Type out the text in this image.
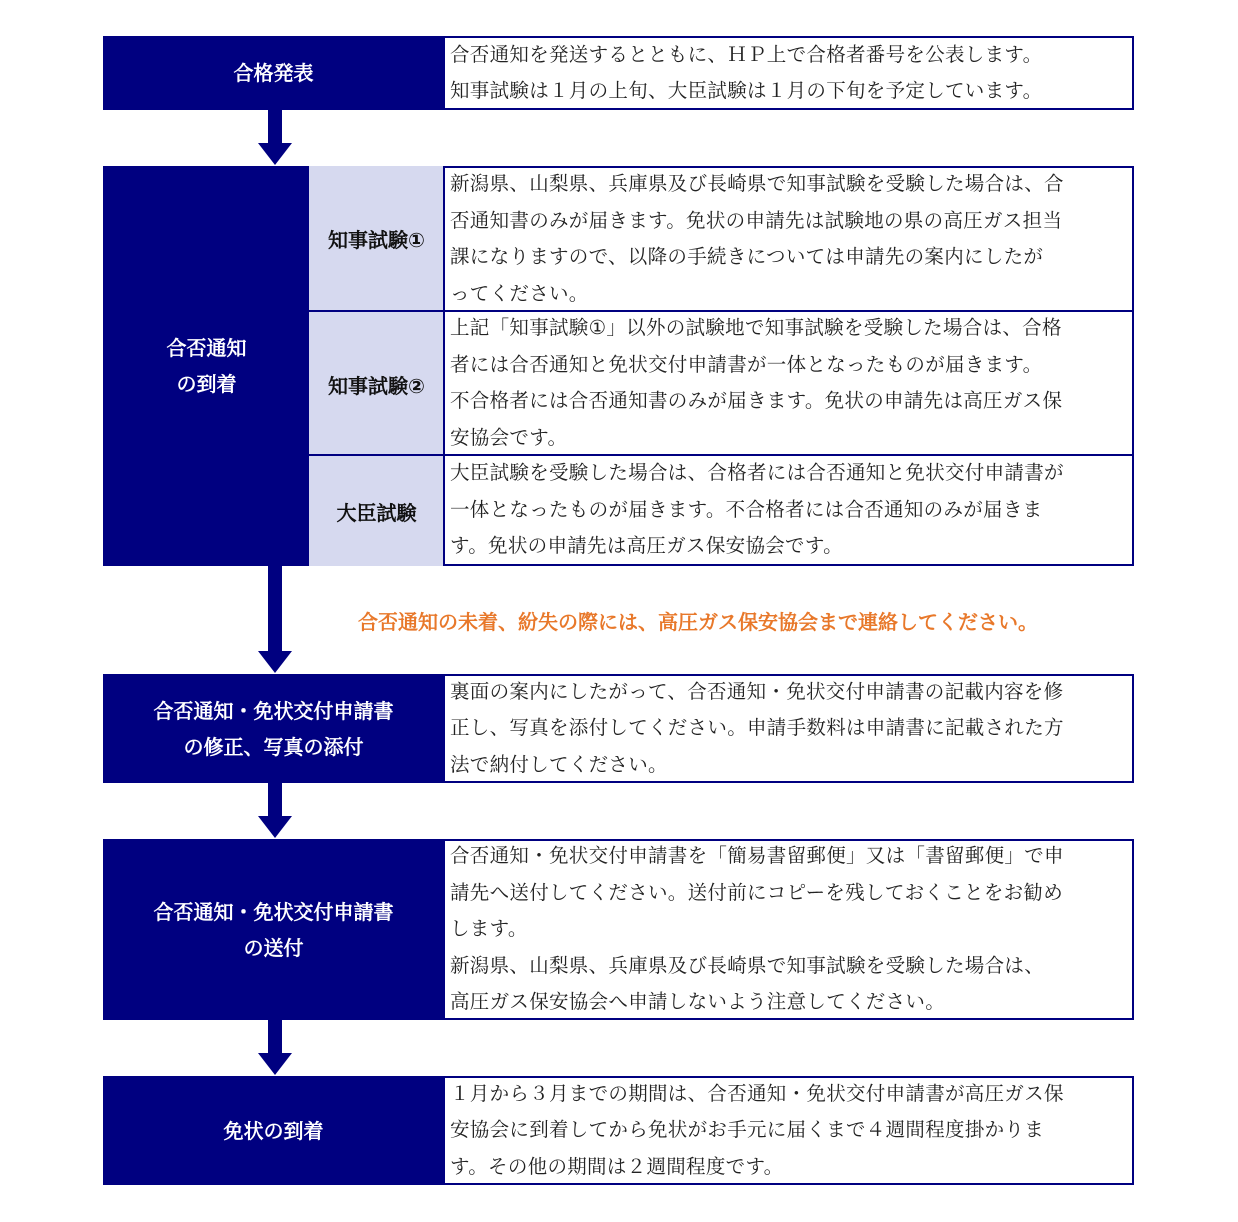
合格発表
合否通知を発送するとともに、ＨＰ上で合格者番号を公表します。
知事試験は１月の上旬、大臣試験は１月の下旬を予定しています。
合否通知
の到着
知事試験①
新潟県、山梨県、兵庫県及び長崎県で知事試験を受験した場合は、合
否通知書のみが届きます。免状の申請先は試験地の県の高圧ガス担当
課になりますので、以降の手続きについては申請先の案内にしたが
ってください。
知事試験②
上記「知事試験①」以外の試験地で知事試験を受験した場合は、合格
者には合否通知と免状交付申請書が一体となったものが届きます。
不合格者には合否通知書のみが届きます。免状の申請先は高圧ガス保
安協会です。
大臣試験
大臣試験を受験した場合は、合格者には合否通知と免状交付申請書が
一体となったものが届きます。不合格者には合否通知のみが届きま
す。免状の申請先は高圧ガス保安協会です。
合否通知の未着、紛失の際には、高圧ガス保安協会まで連絡してください。
合否通知・免状交付申請書
の修正、写真の添付
裏面の案内にしたがって、合否通知・免状交付申請書の記載内容を修
正し、写真を添付してください。申請手数料は申請書に記載された方
法で納付してください。
合否通知・免状交付申請書
の送付
合否通知・免状交付申請書を「簡易書留郵便」又は「書留郵便」で申
請先へ送付してください。送付前にコピーを残しておくことをお勧め
します。
新潟県、山梨県、兵庫県及び長崎県で知事試験を受験した場合は、
高圧ガス保安協会へ申請しないよう注意してください。
免状の到着
１月から３月までの期間は、合否通知・免状交付申請書が高圧ガス保
安協会に到着してから免状がお手元に届くまで４週間程度掛かりま
す。その他の期間は２週間程度です。
